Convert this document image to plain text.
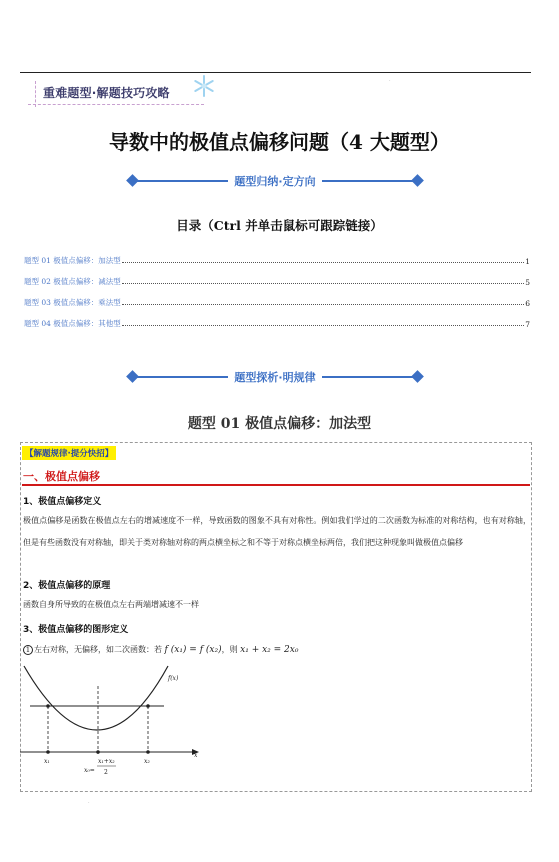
·
重难题型·解题技巧攻略
导数中的极值点偏移问题（4 大题型）
题型归纳·定方向
目录（Ctrl 并单击鼠标可跟踪链接）
题型 01 极值点偏移：加法型	1
题型 02 极值点偏移：减法型	5
题型 03 极值点偏移：乘法型	6
题型 04 极值点偏移：其他型	7
题型探析·明规律
题型 01 极值点偏移：加法型
【解题规律·提分快招】
一、极值点偏移
1、极值点偏移定义
极值点偏移是函数在极值点左右的增减速度不一样，导致函数的图象不具有对称性。例如我们学过的二次函数为标准的对称结构，也有对称轴，但是有些函数没有对称轴，即关于类对称轴对称的两点横坐标之和不等于对称点横坐标两倍，我们把这种现象叫做极值点偏移
2、极值点偏移的原理
函数自身所导致的在极值点左右两端增减速不一样
3、极值点偏移的图形定义
1 左右对称，无偏移，如二次函数：若 f (x₁) = f (x₂)，则 x₁ + x₂ = 2x₀
x
f(x)
x₁	x₂
x₀=
x₁+x₂
2
·
